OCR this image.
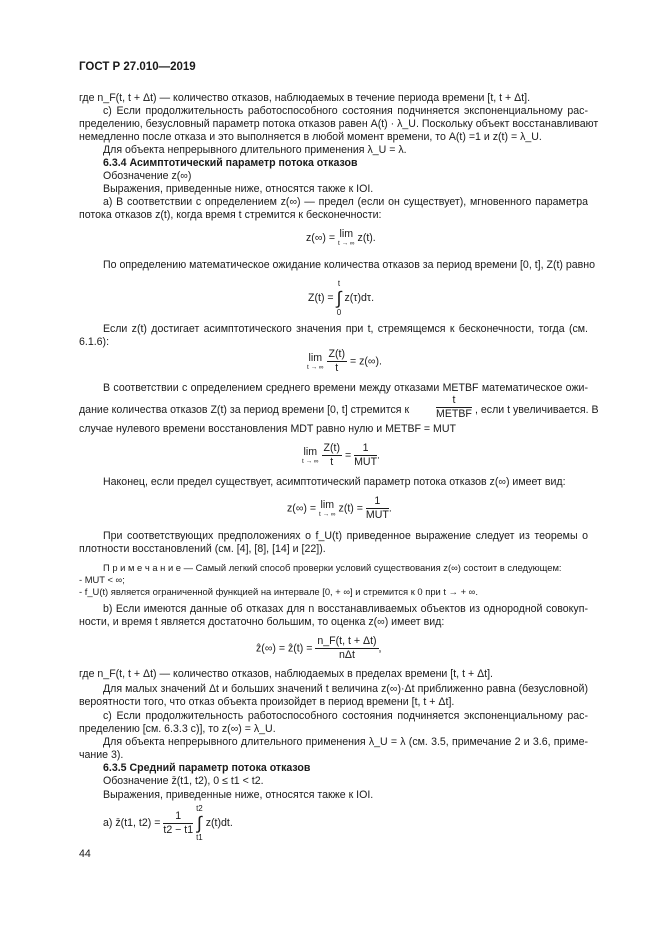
ГОСТ Р 27.010—2019
где n_F(t, t + Δt) — количество отказов, наблюдаемых в течение периода времени [t, t + Δt].
c) Если продолжительность работоспособного состояния подчиняется экспоненциальному рас-
пределению, безусловный параметр потока отказов равен A(t) · λ_U. Поскольку объект восстанавливают
немедленно после отказа и это выполняется в любой момент времени, то A(t) =1 и z(t) = λ_U.
Для объекта непрерывного длительного применения λ_U = λ.
6.3.4 Асимптотический параметр потока отказов
Обозначение z(∞)
Выражения, приведенные ниже, относятся также к IOI.
a) В соответствии с определением z(∞) — предел (если он существует), мгновенного параметра
потока отказов z(t), когда время t стремится к бесконечности:
z(∞) = lim
t → ∞ z(t).
По определению математическое ожидание количества отказов за период времени [0, t], Z(t) равно
Z(t) =
t
∫
0
z(τ)dτ.
Если z(t) достигает асимптотического значения при t, стремящемся к бесконечности, тогда (см.
6.1.6):
lim
t → ∞
$\frac{Z(t)}{t} = z(\infty)$.
В соответствии с определением среднего времени между отказами METBF математическое ожи-
дание количества отказов Z(t) за период времени [0, t] стремится к	$\frac{t}{\text{METBF}}$ , если t увеличивается. В
случае нулевого времени восстановления MDT равно нулю и METBF = MUT
lim
t → ∞
$\frac{Z(t)}{t} = \frac{1}{\text{MUT}}$ .
Наконец, если предел существует, асимптотический параметр потока отказов z(∞) имеет вид:
z(∞) = lim
t → ∞ $z(t) = \frac{1}{\text{MUT}}$ .
При соответствующих предположениях о f_U(t) приведенное выражение следует из теоремы о
плотности восстановлений (см. [4], [8], [14] и [22]).
П р и м е ч а н и е — Самый легкий способ проверки условий существования z(∞) состоит в следующем:
- MUT < ∞;
- f_U(t) является ограниченной функцией на интервале [0, + ∞] и стремится к 0 при t → + ∞.
b) Если имеются данные об отказах для n восстанавливаемых объектов из однородной совокуп-
ности, и время t является достаточно большим, то оценка z(∞) имеет вид:
ẑ(∞) = ẑ(t) = $\frac{n\_F(t, t + \Delta t)}{\text{nΔt}}$ ,
где n_F(t, t + Δt) — количество отказов, наблюдаемых в пределах времени [t, t + Δt].
Для малых значений Δt и больших значений t величина z(∞)·Δt приближенно равна (безусловной)
вероятности того, что отказ объекта произойдет в период времени [t, t + Δt].
c) Если продолжительность работоспособного состояния подчиняется экспоненциальному рас-
пределению [см. 6.3.3 c)], то z(∞) = λ_U.
Для объекта непрерывного длительного применения λ_U = λ (см. 3.5, примечание 2 и 3.6, приме-
чание 3).
6.3.5 Средний параметр потока отказов
Обозначение z̄(t1, t2), 0 ≤ t1 < t2.
Выражения, приведенные ниже, относятся также к IOI.
a) z̄(t1, $t2) = \frac{1}{t2 - t1}$

t2
∫
t1
z(t)dt.
44
